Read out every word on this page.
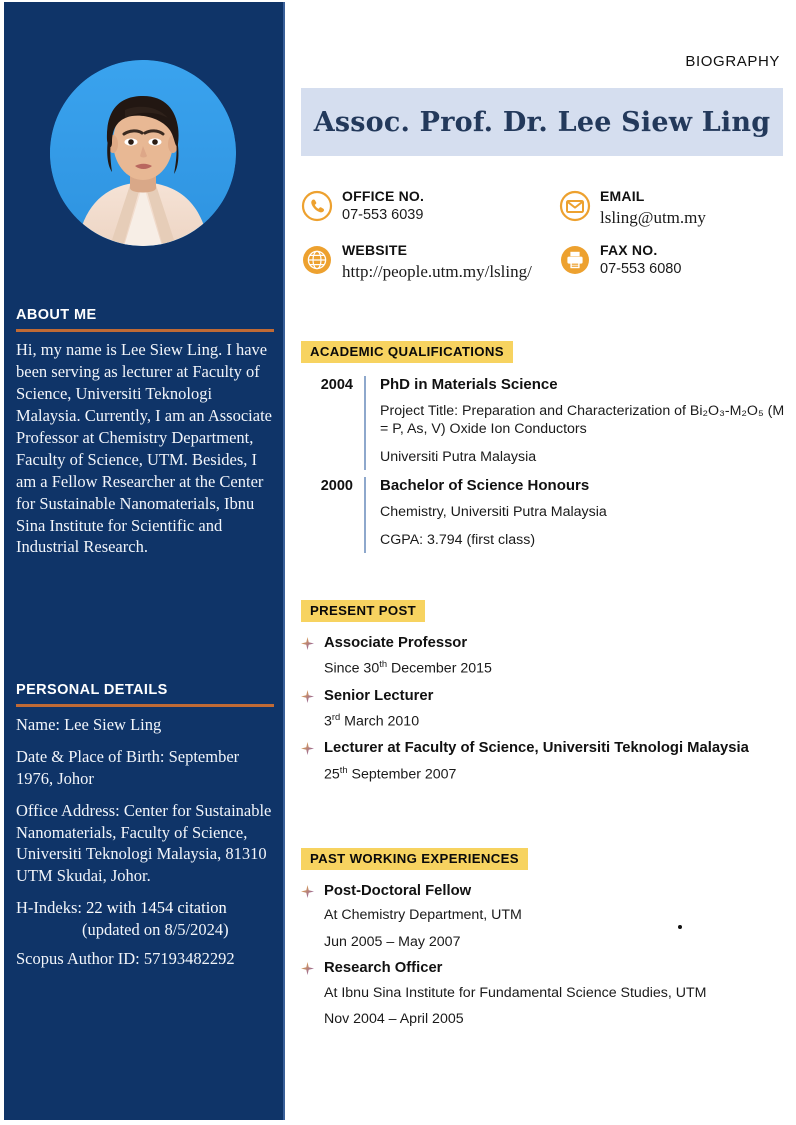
ABOUT ME
Hi, my name is Lee Siew Ling. I have been serving as lecturer at Faculty of Science, Universiti Teknologi Malaysia. Currently, I am an Associate Professor at Chemistry Department, Faculty of Science, UTM. Besides, I am a Fellow Researcher at the Center for Sustainable Nanomaterials, Ibnu Sina Institute for Scientific and Industrial Research.
PERSONAL DETAILS
Name: Lee Siew Ling
Date & Place of Birth: September 1976, Johor
Office Address: Center for Sustainable Nanomaterials, Faculty of Science, Universiti Teknologi Malaysia, 81310 UTM Skudai, Johor.
H-Indeks: 22 with 1454 citation
(updated on 8/5/2024)
Scopus Author ID: 57193482292
BIOGRAPHY
Assoc. Prof. Dr. Lee Siew Ling
OFFICE NO.
07-553 6039
EMAIL
lsling@utm.my
WEBSITE
http://people.utm.my/lsling/
FAX NO.
07-553 6080
ACADEMIC QUALIFICATIONS
2004	PhD in Materials Science
Project Title: Preparation and Characterization of Bi₂O₃-M₂O₅ (M = P, As, V) Oxide Ion Conductors
Universiti Putra Malaysia
2000	Bachelor of Science Honours
Chemistry, Universiti Putra Malaysia
CGPA: 3.794 (first class)
PRESENT POST
Associate Professor
Since 30th December 2015
Senior Lecturer
3rd March 2010
Lecturer at Faculty of Science, Universiti Teknologi Malaysia
25th September 2007
PAST WORKING EXPERIENCES
Post-Doctoral Fellow
At Chemistry Department, UTM
Jun 2005 – May 2007
Research Officer
At Ibnu Sina Institute for Fundamental Science Studies, UTM
Nov 2004 – April 2005
